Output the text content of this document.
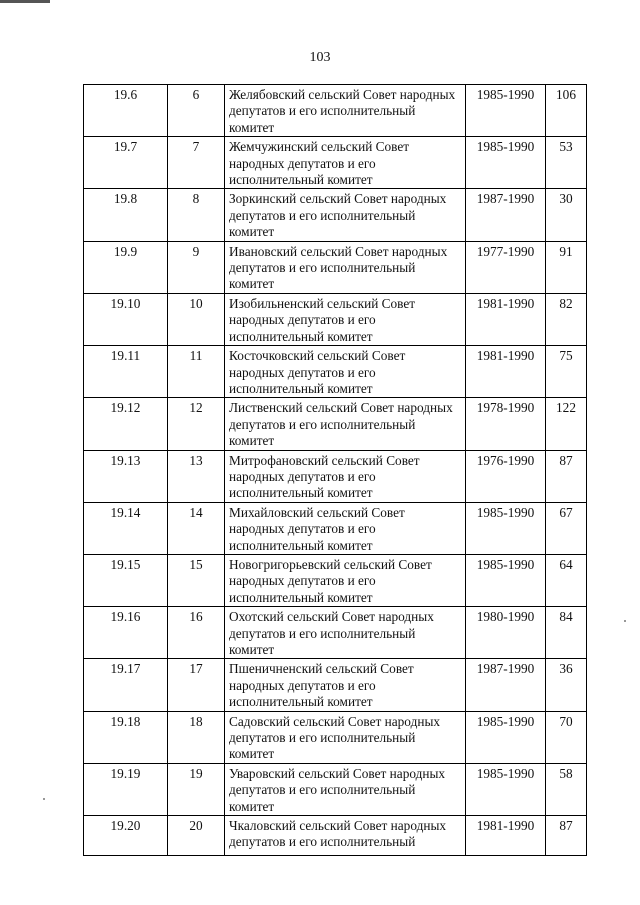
103
19.6	6	Желябовский сельский Совет народных депутатов и его исполнительный комитет	1985-1990	106
19.7	7	Жемчужинский сельский Совет народных депутатов и его исполнительный комитет	1985-1990	53
19.8	8	Зоркинский сельский Совет народных депутатов и его исполнительный комитет	1987-1990	30
19.9	9	Ивановский сельский Совет народных депутатов и его исполнительный комитет	1977-1990	91
19.10	10	Изобильненский сельский Совет народных депутатов и его исполнительный комитет	1981-1990	82
19.11	11	Косточковский сельский Совет народных депутатов и его исполнительный комитет	1981-1990	75
19.12	12	Лиственский сельский Совет народных депутатов и его исполнительный комитет	1978-1990	122
19.13	13	Митрофановский сельский Совет народных депутатов и его исполнительный комитет	1976-1990	87
19.14	14	Михайловский сельский Совет народных депутатов и его исполнительный комитет	1985-1990	67
19.15	15	Новогригорьевский сельский Совет народных депутатов и его исполнительный комитет	1985-1990	64
19.16	16	Охотский сельский Совет народных депутатов и его исполнительный комитет	1980-1990	84
19.17	17	Пшеничненский сельский Совет народных депутатов и его исполнительный комитет	1987-1990	36
19.18	18	Садовский сельский Совет народных депутатов и его исполнительный комитет	1985-1990	70
19.19	19	Уваровский сельский Совет народных депутатов и его исполнительный комитет	1985-1990	58
19.20	20	Чкаловский сельский Совет народных депутатов и его исполнительный	1981-1990	87
